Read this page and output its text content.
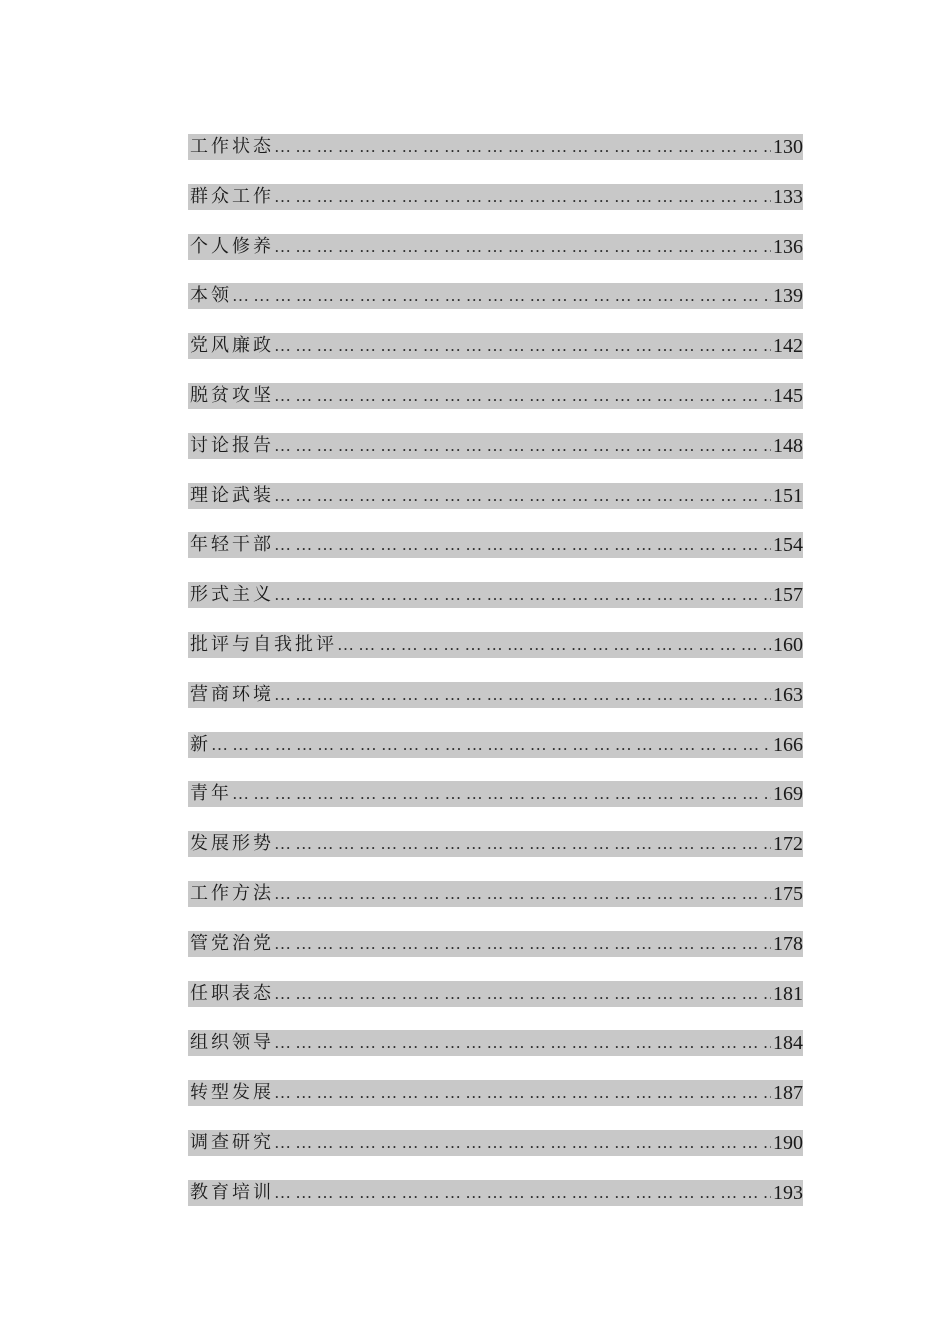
工作状态 … … … … … … … … … … … … … … … … … … … … … … … … … … … … … … … … … … … … … … … … … … … … … … … … … … … … … … … … … …	130
群众工作 … … … … … … … … … … … … … … … … … … … … … … … … … … … … … … … … … … … … … … … … … … … … … … … … … … … … … … … … … …	133
个人修养 … … … … … … … … … … … … … … … … … … … … … … … … … … … … … … … … … … … … … … … … … … … … … … … … … … … … … … … … … …	136
本领 … … … … … … … … … … … … … … … … … … … … … … … … … … … … … … … … … … … … … … … … … … … … … … … … … … … … … … … … … …	139
党风廉政 … … … … … … … … … … … … … … … … … … … … … … … … … … … … … … … … … … … … … … … … … … … … … … … … … … … … … … … … … …	142
脱贫攻坚 … … … … … … … … … … … … … … … … … … … … … … … … … … … … … … … … … … … … … … … … … … … … … … … … … … … … … … … … … …	145
讨论报告 … … … … … … … … … … … … … … … … … … … … … … … … … … … … … … … … … … … … … … … … … … … … … … … … … … … … … … … … … …	148
理论武装 … … … … … … … … … … … … … … … … … … … … … … … … … … … … … … … … … … … … … … … … … … … … … … … … … … … … … … … … … …	151
年轻干部 … … … … … … … … … … … … … … … … … … … … … … … … … … … … … … … … … … … … … … … … … … … … … … … … … … … … … … … … … …	154
形式主义 … … … … … … … … … … … … … … … … … … … … … … … … … … … … … … … … … … … … … … … … … … … … … … … … … … … … … … … … … …	157
批评与自我批评 … … … … … … … … … … … … … … … … … … … … … … … … … … … … … … … … … … … … … … … … … … … … … … … … … … … … … … … … … …	160
营商环境 … … … … … … … … … … … … … … … … … … … … … … … … … … … … … … … … … … … … … … … … … … … … … … … … … … … … … … … … … …	163
新 … … … … … … … … … … … … … … … … … … … … … … … … … … … … … … … … … … … … … … … … … … … … … … … … … … … … … … … … … …	166
青年 … … … … … … … … … … … … … … … … … … … … … … … … … … … … … … … … … … … … … … … … … … … … … … … … … … … … … … … … … …	169
发展形势 … … … … … … … … … … … … … … … … … … … … … … … … … … … … … … … … … … … … … … … … … … … … … … … … … … … … … … … … … …	172
工作方法 … … … … … … … … … … … … … … … … … … … … … … … … … … … … … … … … … … … … … … … … … … … … … … … … … … … … … … … … … …	175
管党治党 … … … … … … … … … … … … … … … … … … … … … … … … … … … … … … … … … … … … … … … … … … … … … … … … … … … … … … … … … …	178
任职表态 … … … … … … … … … … … … … … … … … … … … … … … … … … … … … … … … … … … … … … … … … … … … … … … … … … … … … … … … … …	181
组织领导 … … … … … … … … … … … … … … … … … … … … … … … … … … … … … … … … … … … … … … … … … … … … … … … … … … … … … … … … … …	184
转型发展 … … … … … … … … … … … … … … … … … … … … … … … … … … … … … … … … … … … … … … … … … … … … … … … … … … … … … … … … … …	187
调查研究 … … … … … … … … … … … … … … … … … … … … … … … … … … … … … … … … … … … … … … … … … … … … … … … … … … … … … … … … … …	190
教育培训 … … … … … … … … … … … … … … … … … … … … … … … … … … … … … … … … … … … … … … … … … … … … … … … … … … … … … … … … … …	193
